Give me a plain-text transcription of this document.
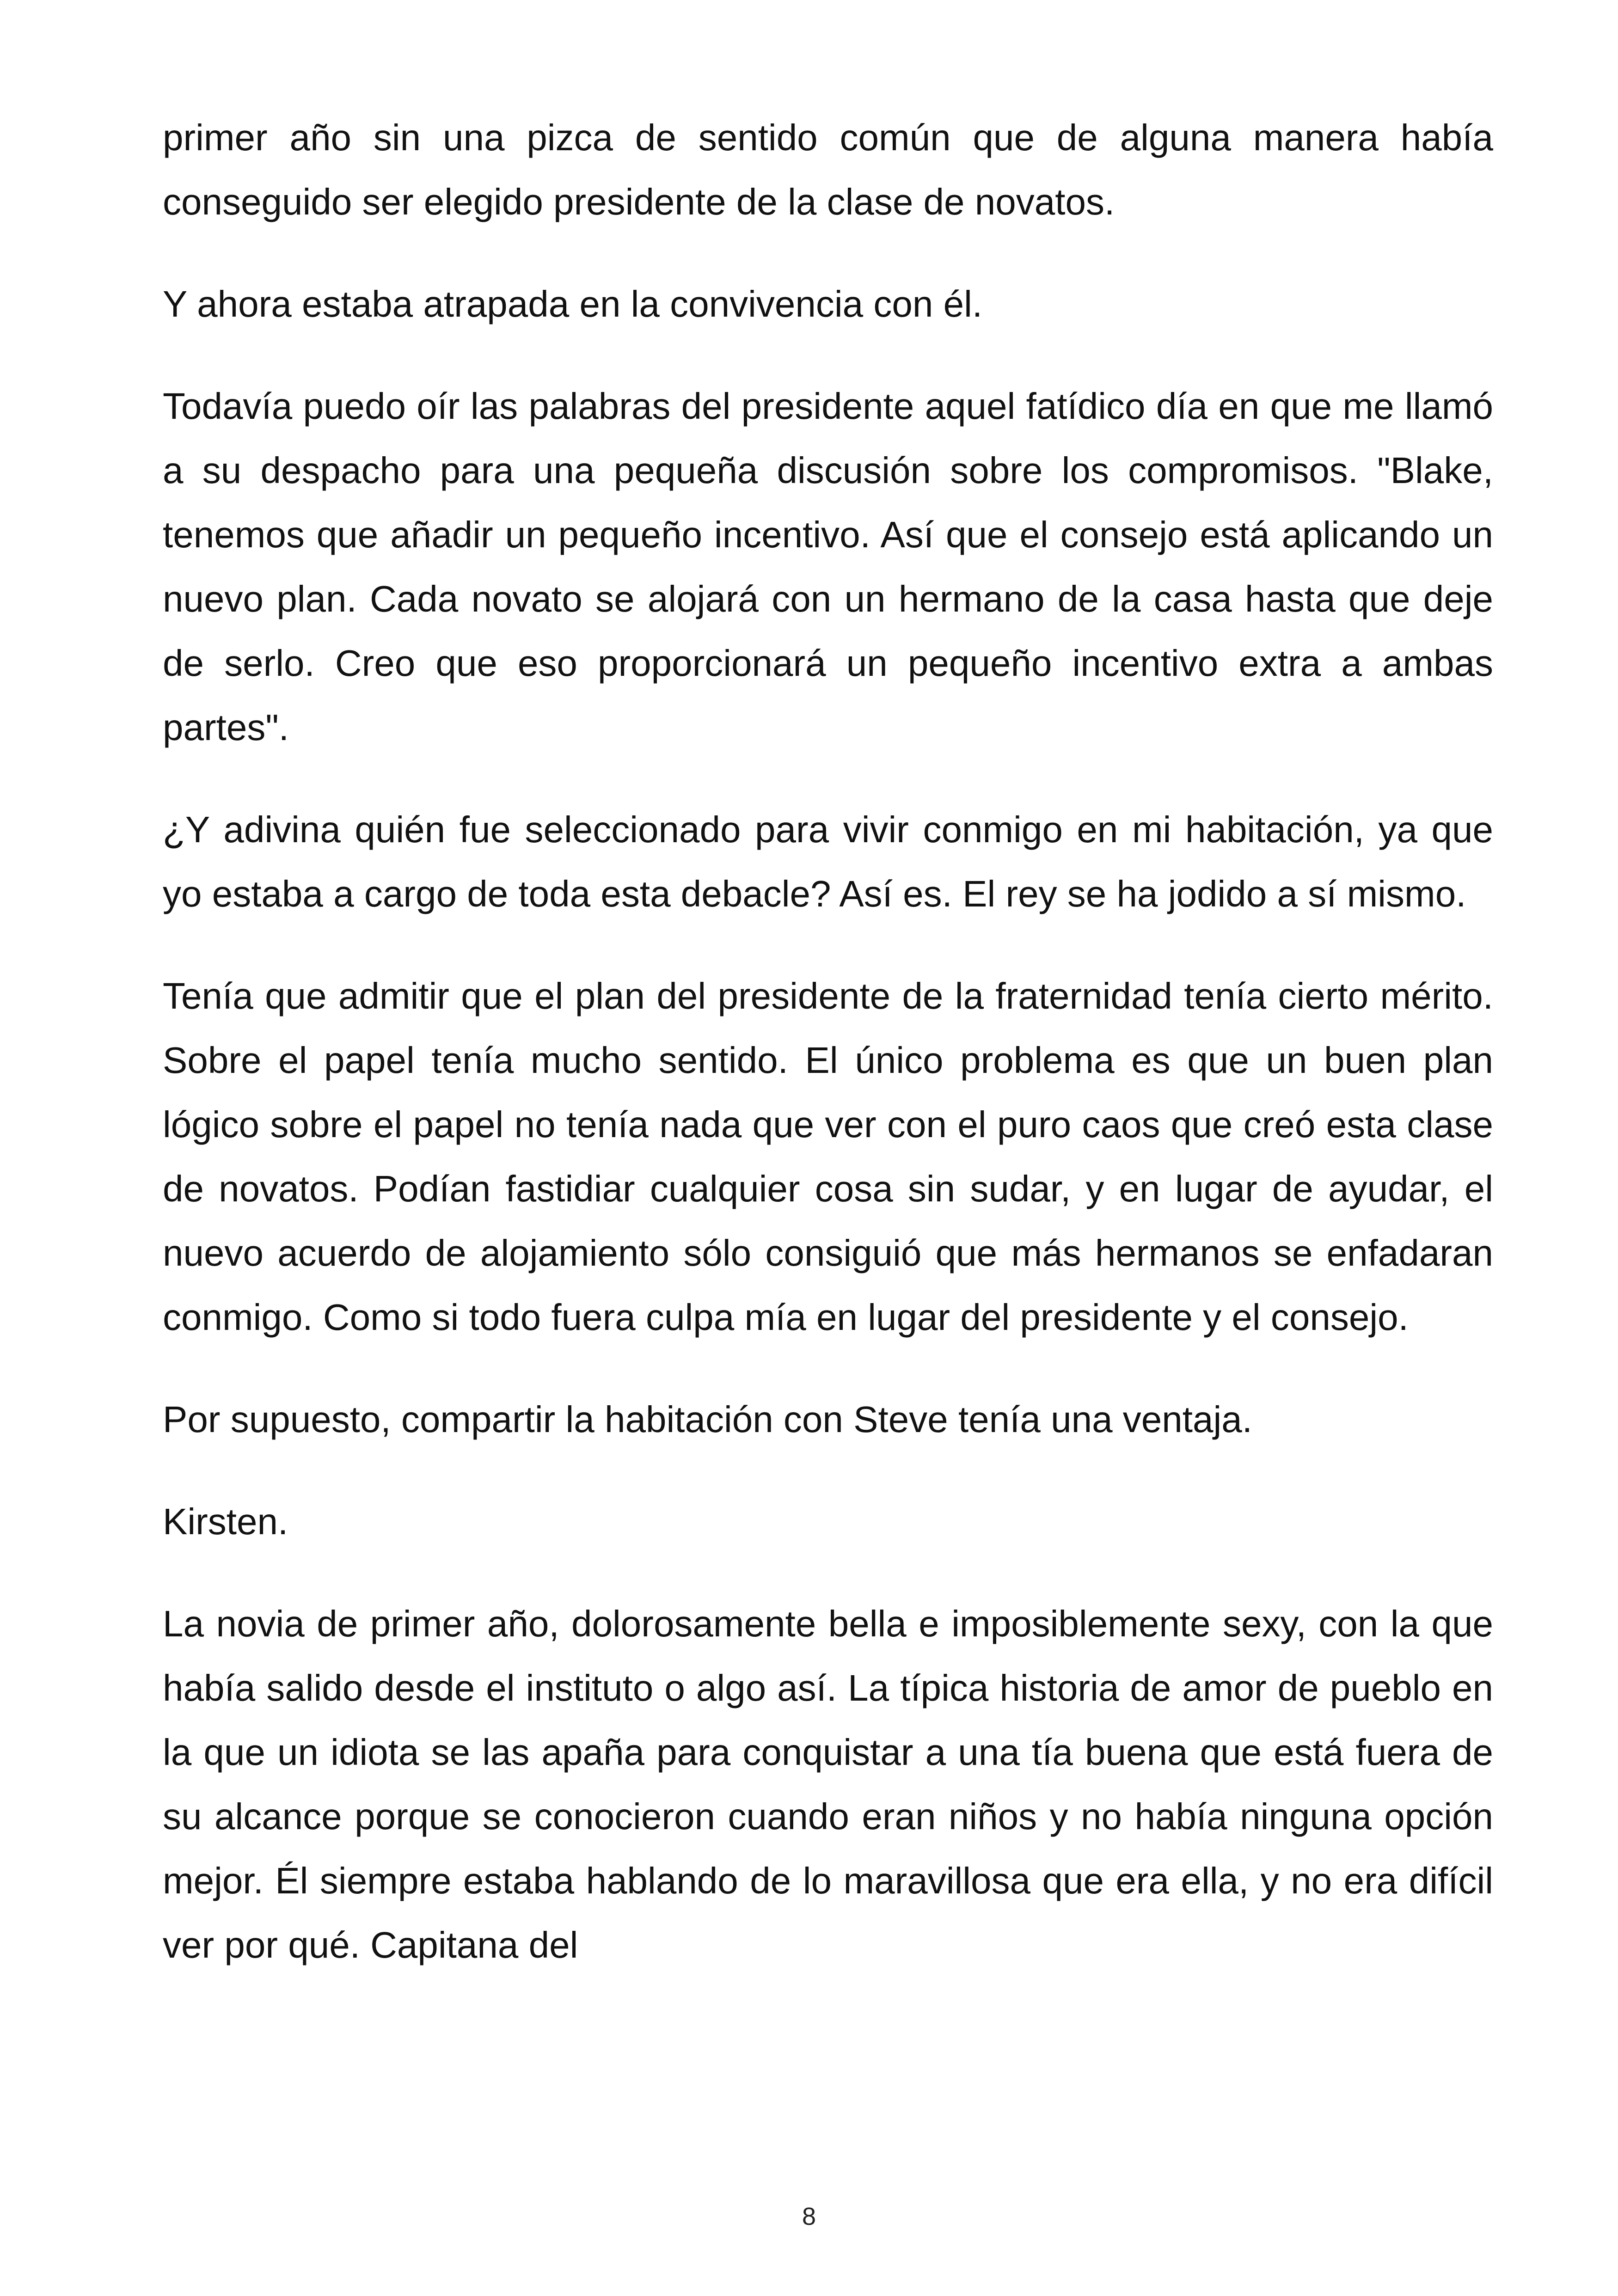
primer año sin una pizca de sentido común que de alguna manera había conseguido ser elegido presidente de la clase de novatos.

Y ahora estaba atrapada en la convivencia con él.

Todavía puedo oír las palabras del presidente aquel fatídico día en que me llamó a su despacho para una pequeña discusión sobre los compromisos. "Blake, tenemos que añadir un pequeño incentivo. Así que el consejo está aplicando un nuevo plan. Cada novato se alojará con un hermano de la casa hasta que deje de serlo. Creo que eso proporcionará un pequeño incentivo extra a ambas partes".

¿Y adivina quién fue seleccionado para vivir conmigo en mi habitación, ya que yo estaba a cargo de toda esta debacle? Así es. El rey se ha jodido a sí mismo.

Tenía que admitir que el plan del presidente de la fraternidad tenía cierto mérito. Sobre el papel tenía mucho sentido. El único problema es que un buen plan lógico sobre el papel no tenía nada que ver con el puro caos que creó esta clase de novatos. Podían fastidiar cualquier cosa sin sudar, y en lugar de ayudar, el nuevo acuerdo de alojamiento sólo consiguió que más hermanos se enfadaran conmigo. Como si todo fuera culpa mía en lugar del presidente y el consejo.

Por supuesto, compartir la habitación con Steve tenía una ventaja.

Kirsten.

La novia de primer año, dolorosamente bella e imposiblemente sexy, con la que había salido desde el instituto o algo así. La típica historia de amor de pueblo en la que un idiota se las apaña para conquistar a una tía buena que está fuera de su alcance porque se conocieron cuando eran niños y no había ninguna opción mejor. Él siempre estaba hablando de lo maravillosa que era ella, y no era difícil ver por qué. Capitana del

8
